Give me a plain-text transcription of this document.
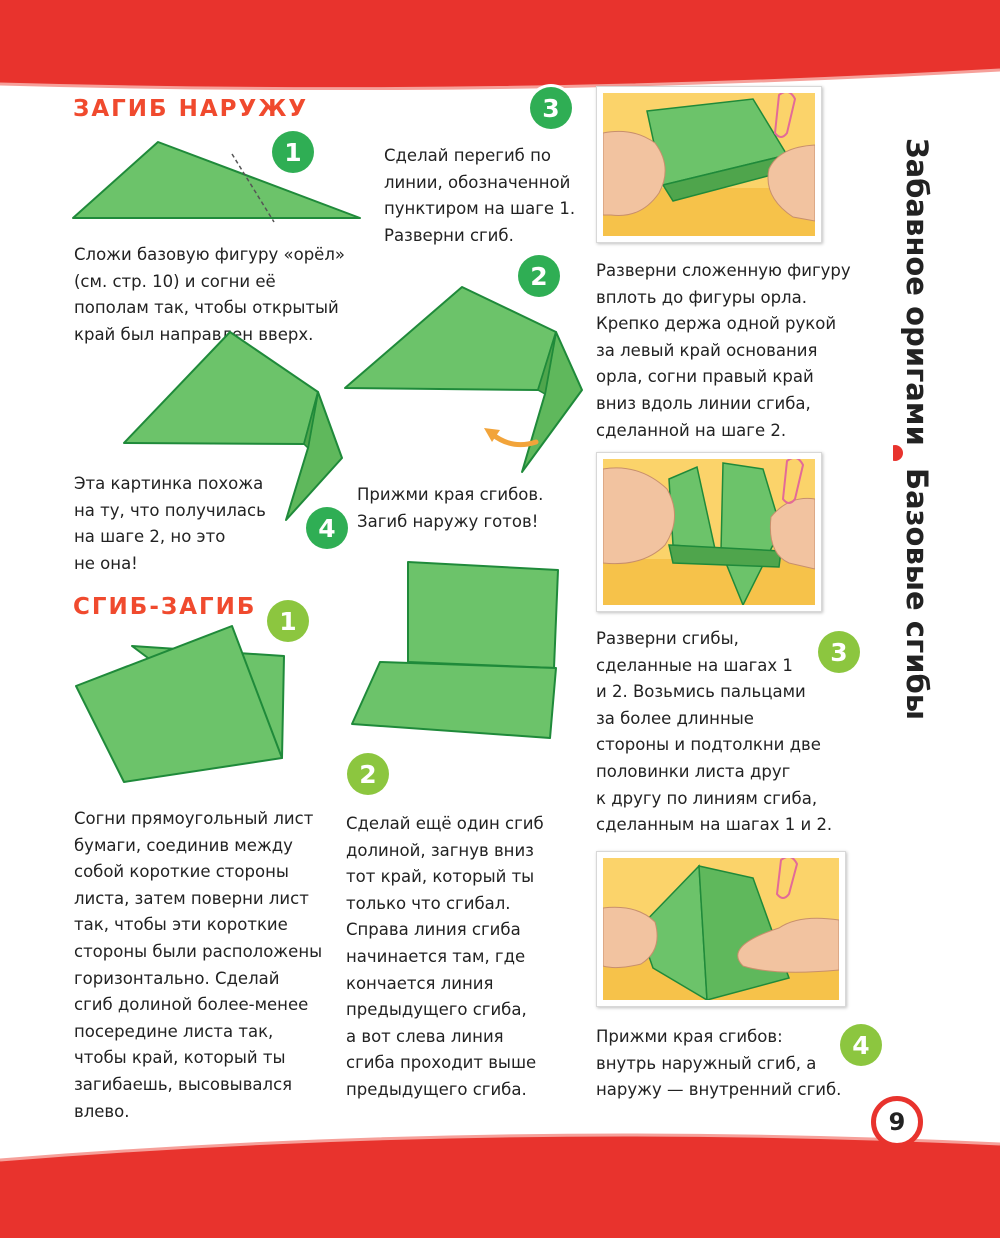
ЗАГИБ НАРУЖУ
1
Сложи базовую фигуру «орёл»
(см. стр. 10) и согни её
пополам так, чтобы открытый
край был направлен вверх.
3
Сделай перегиб по
линии, обозначенной
пунктиром на шаге 1.
Разверни сгиб.
2
Прижми края сгибов.
Загиб наружу готов!
4
Эта картинка похожа
на ту, что получилась
на шаге 2, но это
не она!
Разверни сложенную фигуру
вплоть до фигуры орла.
Крепко держа одной рукой
за левый край основания
орла, согни правый край
вниз вдоль линии сгиба,
сделанной на шаге 2.
3
Разверни сгибы,
сделанные на шагах 1
и 2. Возьмись пальцами
за более длинные
стороны и подтолкни две
половинки листа друг
к другу по линиям сгиба,
сделанным на шагах 1 и 2.
4
Прижми края сгибов:
внутрь наружный сгиб, а
наружу — внутренний сгиб.
СГИБ-ЗАГИБ 1
Согни прямоугольный лист
бумаги, соединив между
собой короткие стороны
листа, затем поверни лист
так, чтобы эти короткие
стороны были расположены
горизонтально. Сделай
сгиб долиной более-менее
посередине листа так,
чтобы край, который ты
загибаешь, высовывался
влево.
2
Сделай ещё один сгиб
долиной, загнув вниз
тот край, который ты
только что сгибал.
Справа линия сгиба
начинается там, где
кончается линия
предыдущего сгиба,
а вот слева линия
сгиба проходит выше
предыдущего сгиба.
Забавное оригами
Базовые сгибы
9
